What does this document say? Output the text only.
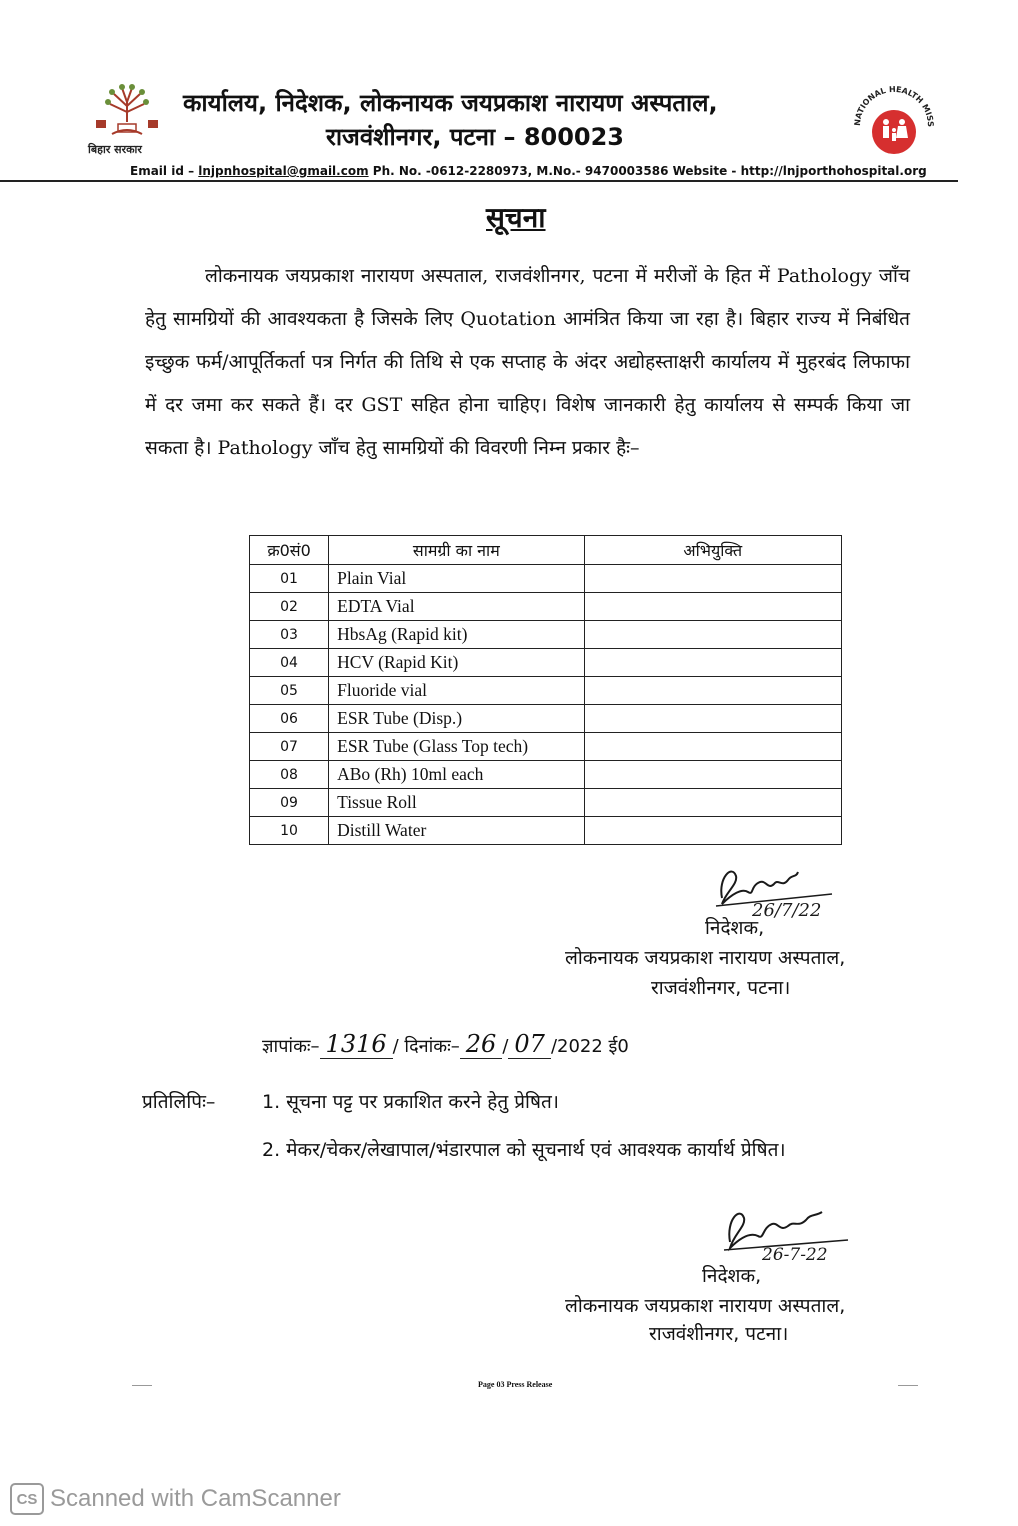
बिहार सरकार
NATIONAL HEALTH MISS
कार्यालय, निदेशक, लोकनायक जयप्रकाश नारायण अस्पताल,
राजवंशीनगर, पटना – 800023
Email id – lnjpnhospital@gmail.com Ph. No. -0612-2280973, M.No.- 9470003586 Website - http://lnjporthohospital.org
सूचना
लोकनायक जयप्रकाश नारायण अस्पताल, राजवंशीनगर, पटना में मरीजों के हित में Pathology जाँच हेतु सामग्रियों की आवश्यकता है जिसके लिए Quotation आमंत्रित किया जा रहा है। बिहार राज्य में निबंधित इच्छुक फर्म/आपूर्तिकर्ता पत्र निर्गत की तिथि से एक सप्ताह के अंदर अद्योहस्ताक्षरी कार्यालय में मुहरबंद लिफाफा में दर जमा कर सकते हैं। दर GST सहित होना चाहिए। विशेष जानकारी हेतु कार्यालय से सम्पर्क किया जा सकता है। Pathology जाँच हेतु सामग्रियों की विवरणी निम्न प्रकार हैः–
क्र0सं0	सामग्री का नाम	अभियुक्ति
01	Plain Vial	
02	EDTA Vial	
03	HbsAg (Rapid kit)	
04	HCV (Rapid Kit)	
05	Fluoride vial	
06	ESR Tube (Disp.)	
07	ESR Tube (Glass Top tech)	
08	ABo (Rh) 10ml each	
09	Tissue Roll	
10	Distill Water	
26/7/22
निदेशक,
लोकनायक जयप्रकाश नारायण अस्पताल,
राजवंशीनगर, पटना।
ज्ञापांकः– 1316 / दिनांकः– 26 / 07 /2022 ई0
प्रतिलिपिः– 1. सूचना पट्ट पर प्रकाशित करने हेतु प्रेषित।
2. मेकर/चेकर/लेखापाल/भंडारपाल को सूचनार्थ एवं आवश्यक कार्यार्थ प्रेषित।
26-7-22
निदेशक,
लोकनायक जयप्रकाश नारायण अस्पताल,
राजवंशीनगर, पटना।
Page 03 Press Release
CS Scanned with CamScanner
